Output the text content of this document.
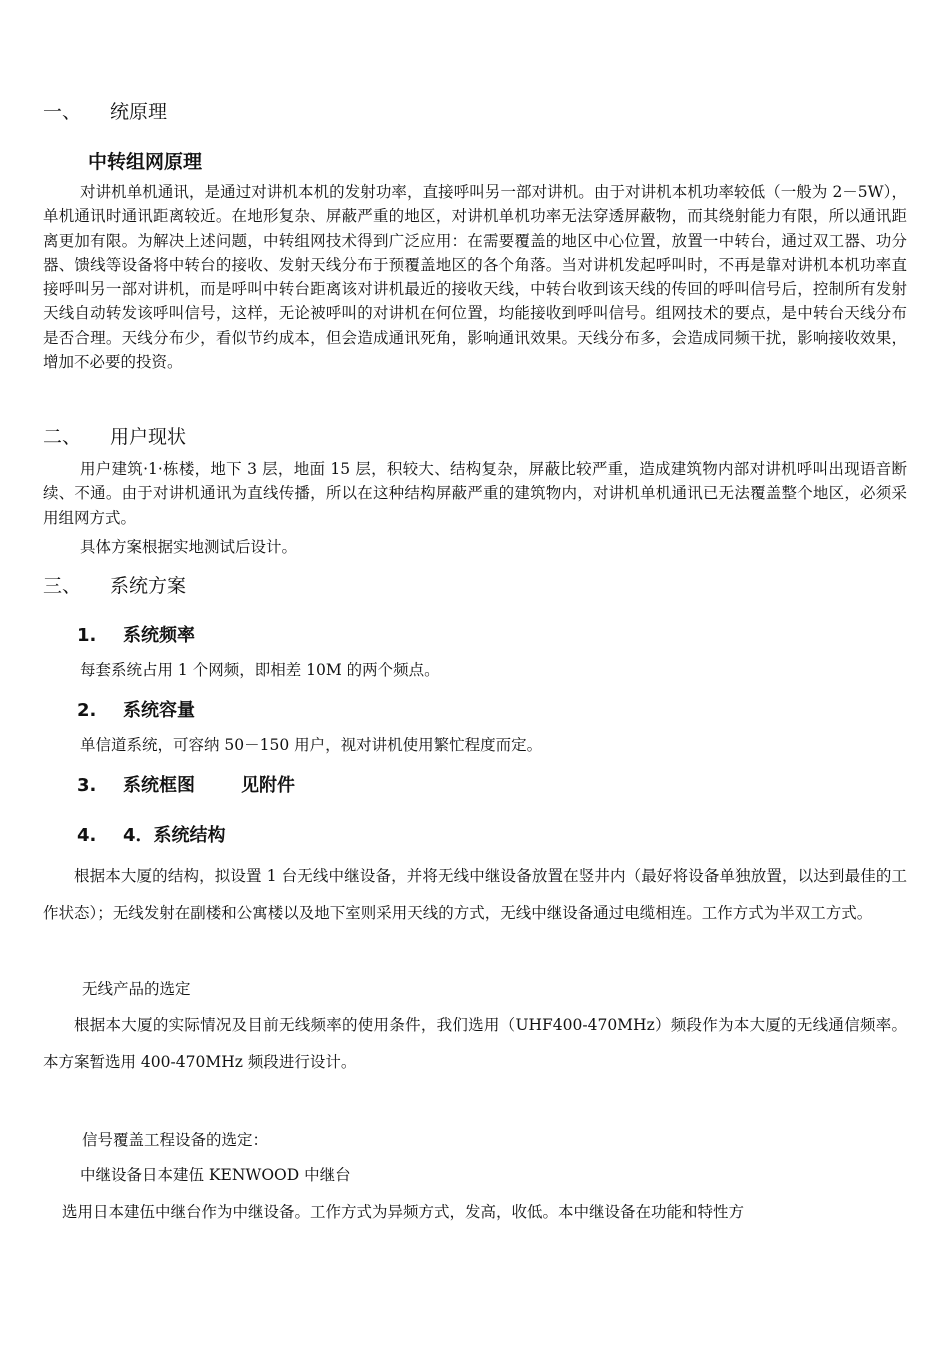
一、 统原理
中转组网原理

对讲机单机通讯，是通过对讲机本机的发射功率，直接呼叫另一部对讲机。由于对讲机本机功率较低（一般为 2－5W），单机通讯时通讯距离较近。在地形复杂、屏蔽严重的地区，对讲机单机功率无法穿透屏蔽物，而其绕射能力有限，所以通讯距离更加有限。为解决上述问题，中转组网技术得到广泛应用：在需要覆盖的地区中心位置，放置一中转台，通过双工器、功分器、馈线等设备将中转台的接收、发射天线分布于预覆盖地区的各个角落。当对讲机发起呼叫时，不再是靠对讲机本机功率直接呼叫另一部对讲机，而是呼叫中转台距离该对讲机最近的接收天线，中转台收到该天线的传回的呼叫信号后，控制所有发射天线自动转发该呼叫信号，这样，无论被呼叫的对讲机在何位置，均能接收到呼叫信号。组网技术的要点，是中转台天线分布是否合理。天线分布少，看似节约成本，但会造成通讯死角，影响通讯效果。天线分布多，会造成同频干扰，影响接收效果，增加不必要的投资。

二、 用户现状

用户建筑·1·栋楼，地下 3 层，地面 15 层，积较大、结构复杂，屏蔽比较严重，造成建筑物内部对讲机呼叫出现语音断续、不通。由于对讲机通讯为直线传播，所以在这种结构屏蔽严重的建筑物内，对讲机单机通讯已无法覆盖整个地区，必须采用组网方式。

具体方案根据实地测试后设计。
三、 系统方案
1. 系统频率
每套系统占用 1 个网频，即相差 10M 的两个频点。
2. 系统容量
单信道系统，可容纳 50－150 用户，视对讲机使用繁忙程度而定。
3. 系统框图	见附件
4. 4．系统结构

根据本大厦的结构，拟设置 1 台无线中继设备，并将无线中继设备放置在竖井内（最好将设备单独放置，以达到最佳的工作状态）；无线发射在副楼和公寓楼以及地下室则采用天线的方式，无线中继设备通过电缆相连。工作方式为半双工方式。

无线产品的选定

根据本大厦的实际情况及目前无线频率的使用条件，我们选用（UHF400-470MHz）频段作为本大厦的无线通信频率。本方案暂选用 400-470MHz 频段进行设计。

信号覆盖工程设备的选定：
中继设备日本建伍 KENWOOD 中继台
选用日本建伍中继台作为中继设备。工作方式为异频方式，发高，收低。本中继设备在功能和特性方
